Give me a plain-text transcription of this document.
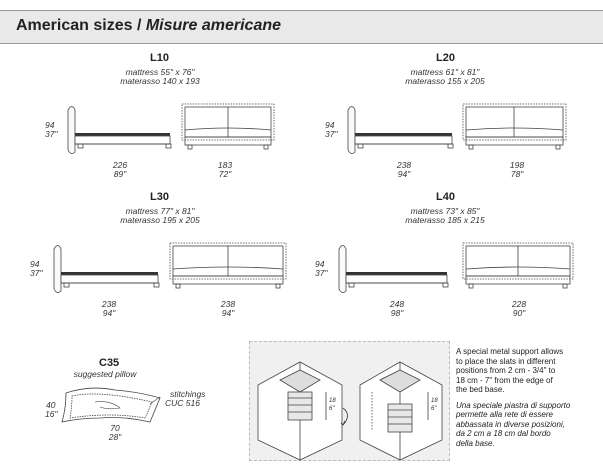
American sizes / Misure americane
L10
mattress 55" x 76"
materasso 140 x 193
94
37"
226
89"
183
72"
L20
mattress 61" x 81"
materasso 155 x 205
94
37"
238
94"
198
78"
L30
mattress 77" x 81"
materasso 195 x 205
94
37"
238
94"
238
94"
L40
mattress 73" x 85"
materasso 185 x 215
94
37"
248
98"
228
90"
C35
suggested pillow
stitchings
CUC 516
40
16"
70
28"
18
6"
18
6"

A special metal support allows
to place the slats in different
positions from 2 cm - 3/4" to
18 cm - 7" from the edge of
the bed base.

Una speciale piastra di supporto
permette alla rete di essere
abbassata in diverse posizioni,
da 2 cm a 18 cm dal bordo
della base.
